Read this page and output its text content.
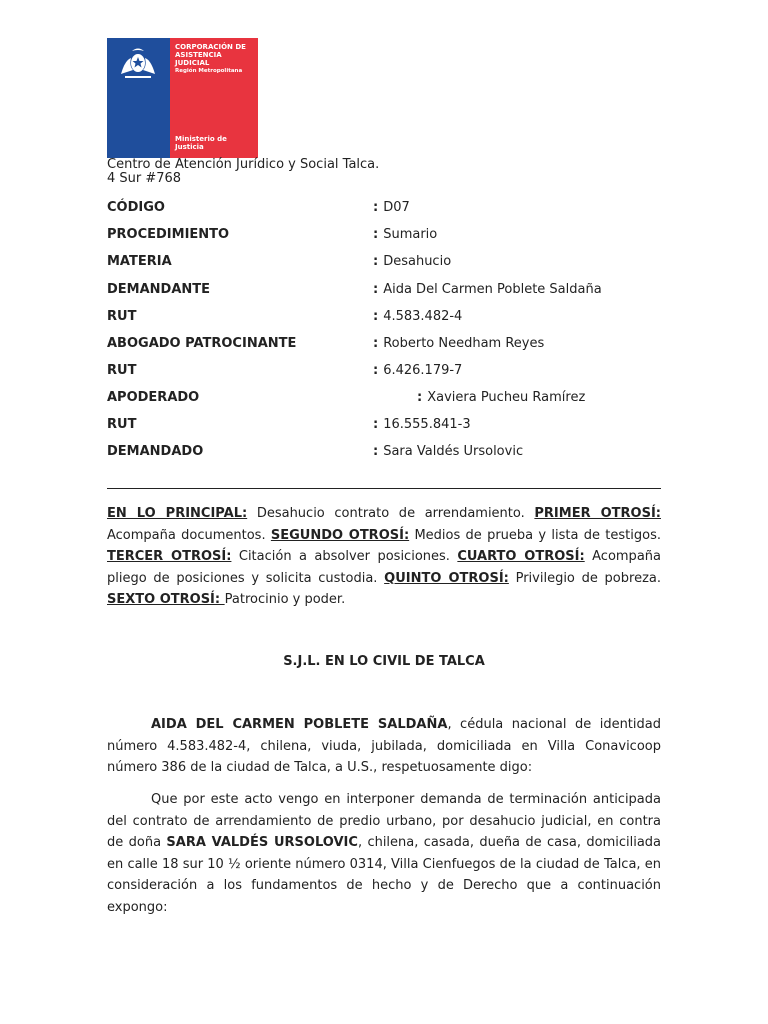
CORPORACIÓN DE
ASISTENCIA
JUDICIAL
Región Metropolitana
Ministerio de
Justicia
Centro de Atención Jurídico y Social Talca.
4 Sur #768
CÓDIGO	: D07
PROCEDIMIENTO	: Sumario
MATERIA	: Desahucio
DEMANDANTE	: Aida Del Carmen Poblete Saldaña
RUT	: 4.583.482-4
ABOGADO PATROCINANTE	: Roberto Needham Reyes
RUT	: 6.426.179-7
APODERADO	: Xaviera Pucheu Ramírez
RUT	: 16.555.841-3
DEMANDADO	: Sara Valdés Ursolovic
EN LO PRINCIPAL: Desahucio contrato de arrendamiento. PRIMER OTROSÍ: Acompaña documentos. SEGUNDO OTROSÍ: Medios de prueba y lista de testigos. TERCER OTROSÍ: Citación a absolver posiciones. CUARTO OTROSÍ: Acompaña pliego de posiciones y solicita custodia. QUINTO OTROSÍ: Privilegio de pobreza. SEXTO OTROSÍ: Patrocinio y poder.
S.J.L. EN LO CIVIL DE TALCA
AIDA DEL CARMEN POBLETE SALDAÑA, cédula nacional de identidad número 4.583.482-4, chilena, viuda, jubilada, domiciliada en Villa Conavicoop número 386 de la ciudad de Talca, a U.S., respetuosamente digo:
Que por este acto vengo en interponer demanda de terminación anticipada del contrato de arrendamiento de predio urbano, por desahucio judicial, en contra de doña SARA VALDÉS URSOLOVIC, chilena, casada, dueña de casa, domiciliada en calle 18 sur 10 ½ oriente número 0314, Villa Cienfuegos de la ciudad de Talca, en consideración a los fundamentos de hecho y de Derecho que a continuación expongo:
